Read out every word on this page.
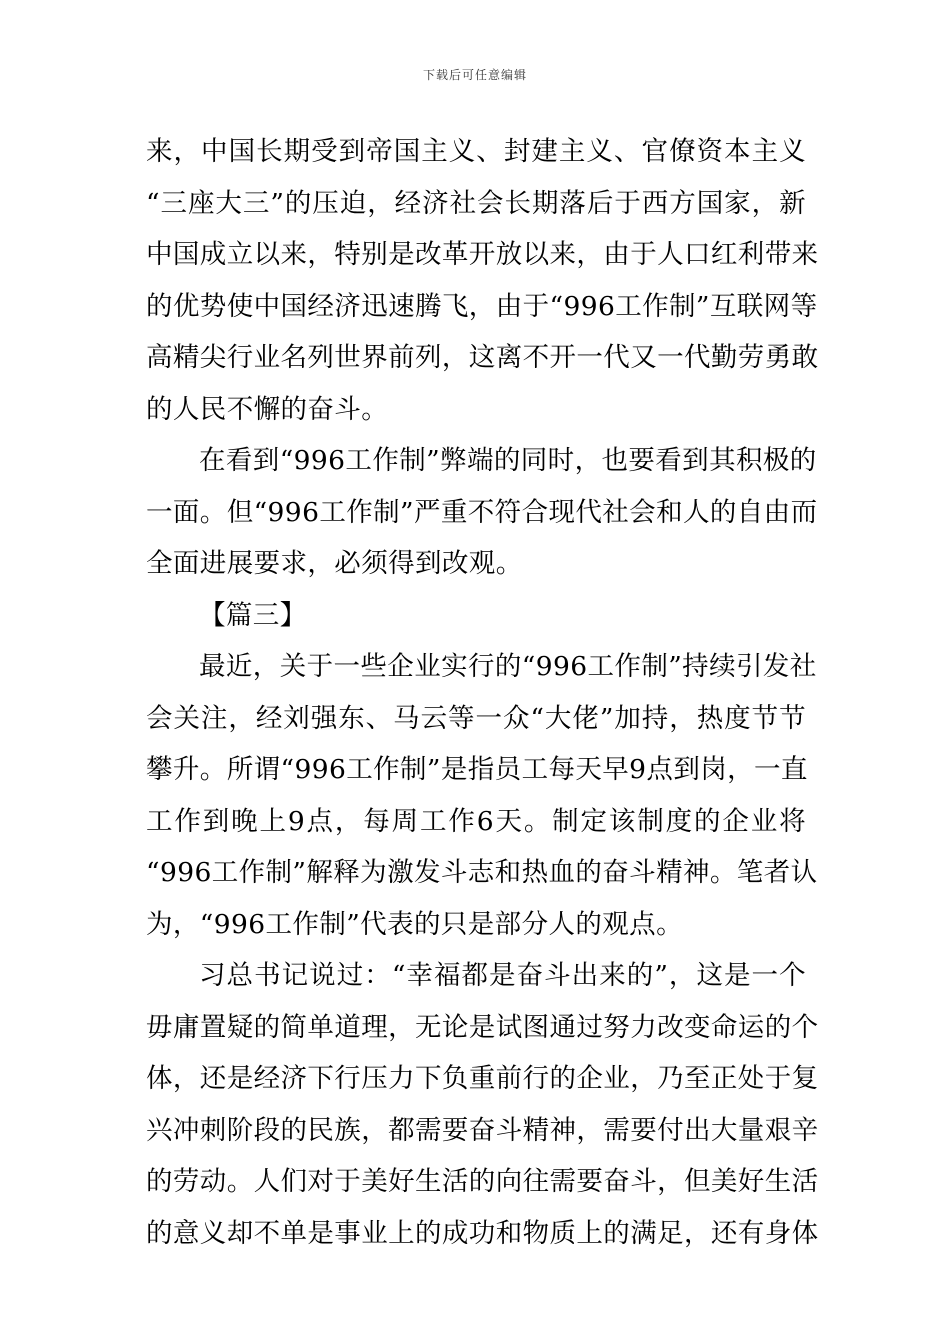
下载后可任意编辑
来，中国长期受到帝国主义、封建主义、官僚资本主义
“三座大三”的压迫，经济社会长期落后于西方国家，新
中国成立以来，特别是改革开放以来，由于人口红利带来
的优势使中国经济迅速腾飞，由于“996工作制”互联网等
高精尖行业名列世界前列，这离不开一代又一代勤劳勇敢
的人民不懈的奋斗。
在看到“996工作制”弊端的同时，也要看到其积极的
一面。但“996工作制”严重不符合现代社会和人的自由而
全面进展要求，必须得到改观。
【篇三】
最近，关于一些企业实行的“996工作制”持续引发社
会关注，经刘强东、马云等一众“大佬”加持，热度节节
攀升。所谓“996工作制”是指员工每天早9点到岗，一直
工作到晚上9点，每周工作6天。制定该制度的企业将
“996工作制”解释为激发斗志和热血的奋斗精神。笔者认
为，“996工作制”代表的只是部分人的观点。
习总书记说过：“幸福都是奋斗出来的”，这是一个
毋庸置疑的简单道理，无论是试图通过努力改变命运的个
体，还是经济下行压力下负重前行的企业，乃至正处于复
兴冲刺阶段的民族，都需要奋斗精神，需要付出大量艰辛
的劳动。人们对于美好生活的向往需要奋斗，但美好生活
的意义却不单是事业上的成功和物质上的满足，还有身体
